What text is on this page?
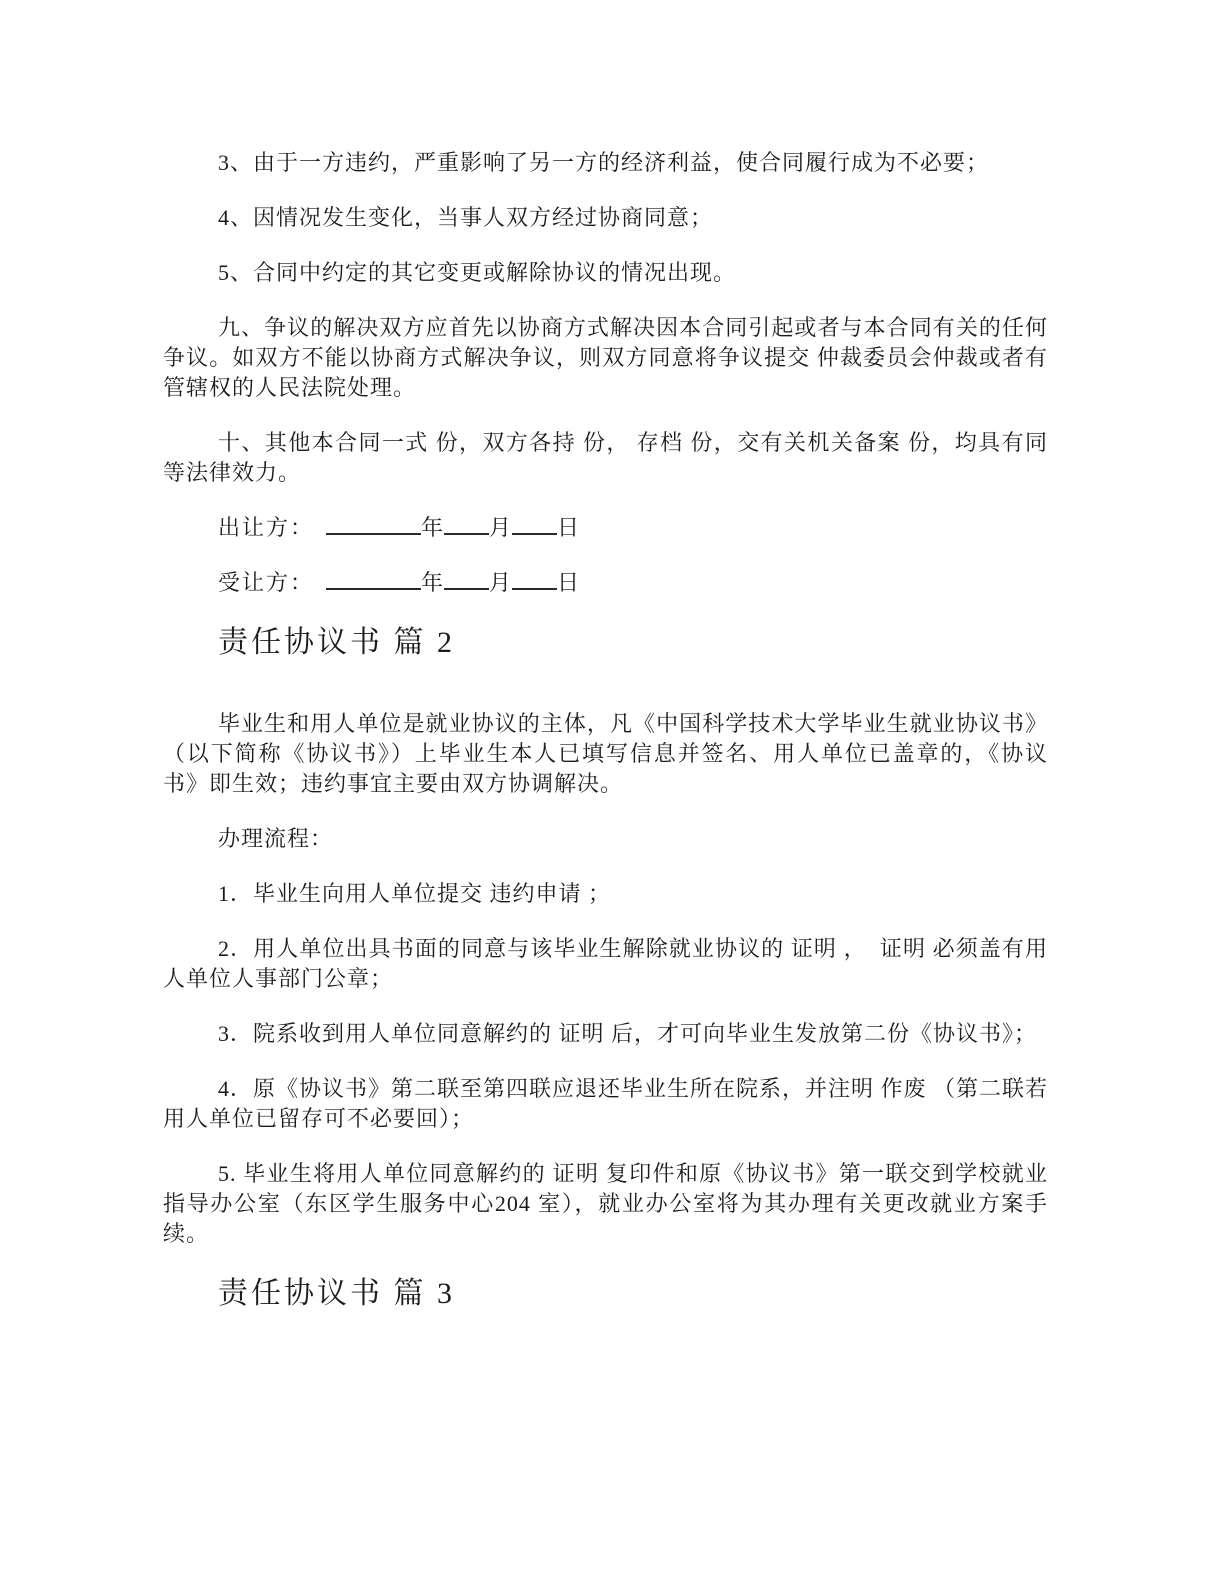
3、由于一方违约，严重影响了另一方的经济利益，使合同履行成为不必要；

4、因情况发生变化，当事人双方经过协商同意；

5、合同中约定的其它变更或解除协议的情况出现。

九、争议的解决双方应首先以协商方式解决因本合同引起或者与本合同有关的任何争议。如双方不能以协商方式解决争议，则双方同意将争议提交 仲裁委员会仲裁或者有管辖权的人民法院处理。

十、其他本合同一式 份，双方各持 份， 存档 份，交有关机关备案 份，均具有同等法律效力。

出让方：	年 月 日

受让方：	年 月 日

责任协议书 篇 2

毕业生和用人单位是就业协议的主体，凡《中国科学技术大学毕业生就业协议书》（以下简称《协议书》）上毕业生本人已填写信息并签名、用人单位已盖章的，《协议书》即生效；违约事宜主要由双方协调解决。

办理流程：

1．毕业生向用人单位提交 违约申请 ；

2．用人单位出具书面的同意与该毕业生解除就业协议的 证明 ，  证明 必须盖有用人单位人事部门公章；

3．院系收到用人单位同意解约的 证明 后，才可向毕业生发放第二份《协议书》；

4．原《协议书》第二联至第四联应退还毕业生所在院系，并注明 作废 （第二联若用人单位已留存可不必要回）；

5. 毕业生将用人单位同意解约的 证明 复印件和原《协议书》第一联交到学校就业指导办公室（东区学生服务中心204 室），就业办公室将为其办理有关更改就业方案手续。

责任协议书 篇 3
